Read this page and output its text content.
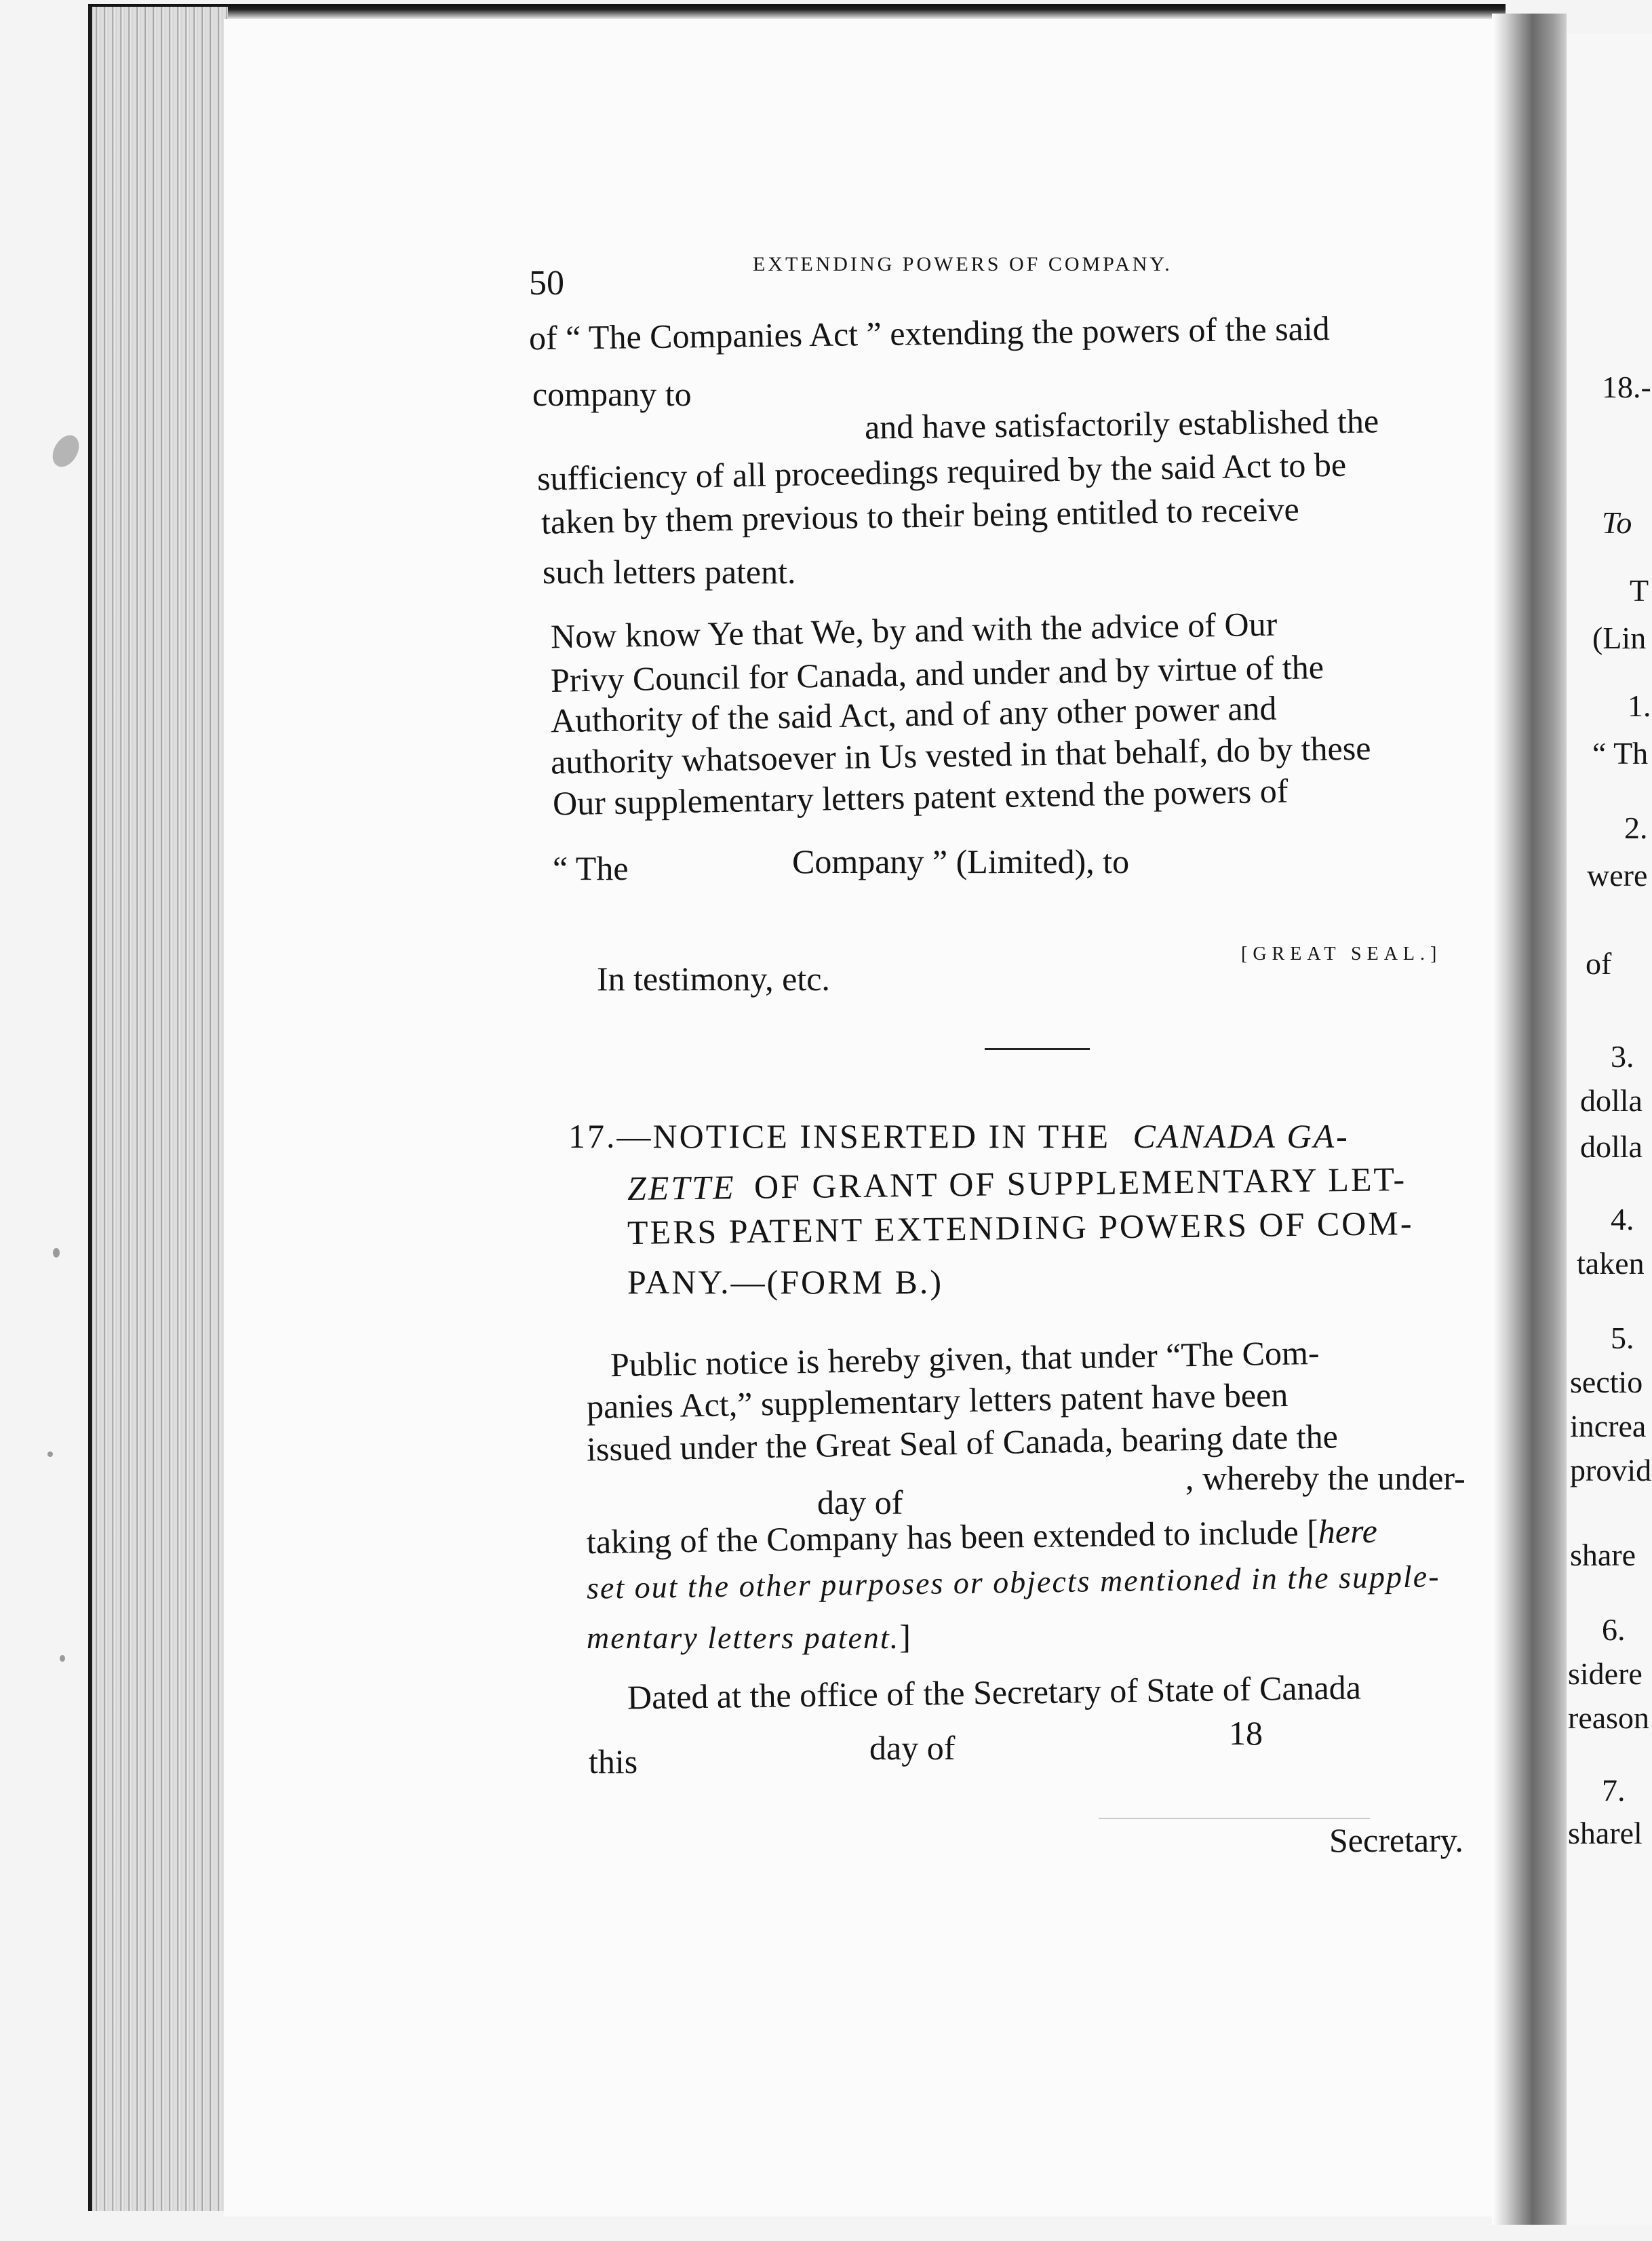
50	EXTENDING POWERS OF COMPANY.
of “ The Companies Act ” extending the powers of the said
company to
and have satisfactorily established the
sufficiency of all proceedings required by the said Act to be
taken by them previous to their being entitled to receive
such letters patent.
Now know Ye that We, by and with the advice of Our
Privy Council for Canada, and under and by virtue of the
Authority of the said Act, and of any other power and
authority whatsoever in Us vested in that behalf, do by these
Our supplementary letters patent extend the powers of
“ The	Company ” (Limited), to
In testimony, etc.
[GREAT SEAL.]
17.—NOTICE INSERTED IN THE CANADA GA-
ZETTE OF GRANT OF SUPPLEMENTARY LET-
TERS PATENT EXTENDING POWERS OF COM-
PANY.—(FORM B.)
Public notice is hereby given, that under “The Com-
panies Act,” supplementary letters patent have been
issued under the Great Seal of Canada, bearing date the
day of
, whereby the under-
taking of the Company has been extended to include [here
set out the other purposes or objects mentioned in the supple-
mentary letters patent.]
Dated at the office of the Secretary of State of Canada
this	day of	18
Secretary.
18.-
To
T
(Lin
1.
“ Th
2.
were
of
3.
dolla
dolla
4.
taken
5.
sectio
increa
provid
share
6.
sidere
reason
7.
sharel
